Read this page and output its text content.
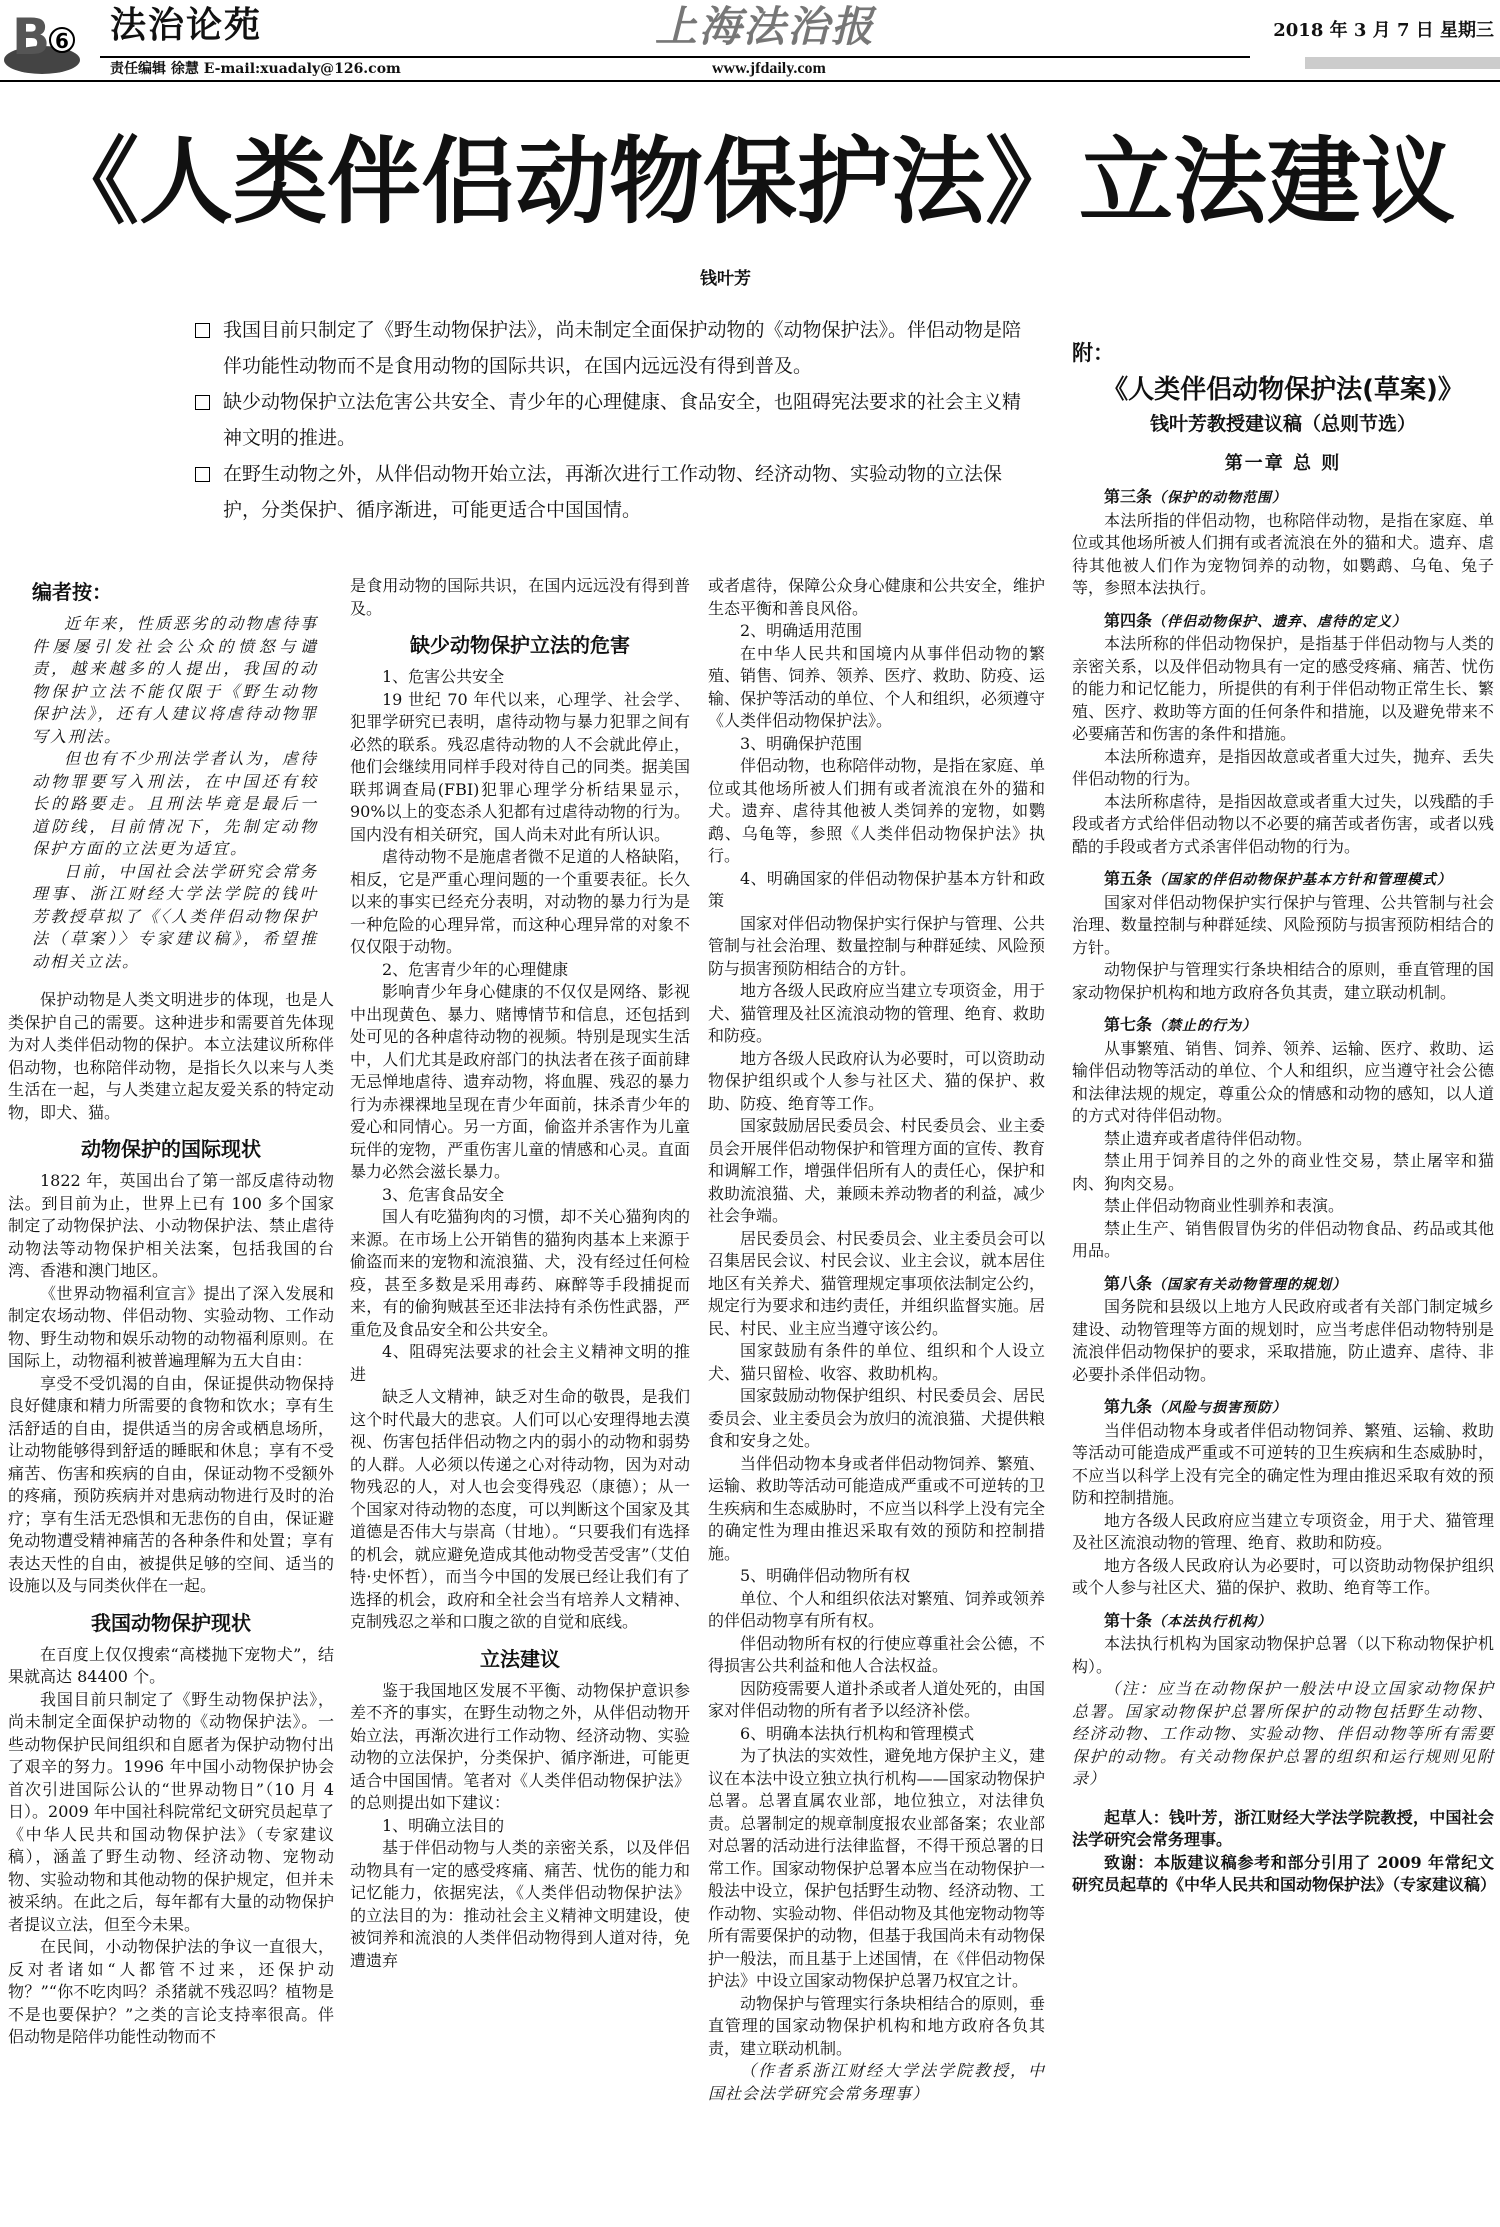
B 6 法治论苑	上海法治报	2018 年 3 月 7 日 星期三
责任编辑 徐慧 E-mail:xuadaly@126.com	www.jfdaily.com
《人类伴侣动物保护法》立法建议
钱叶芳
我国目前只制定了《野生动物保护法》，尚未制定全面保护动物的《动物保护法》。伴侣动物是陪伴功能性动物而不是食用动物的国际共识，在国内远远没有得到普及。
缺少动物保护立法危害公共安全、青少年的心理健康、食品安全，也阻碍宪法要求的社会主义精神文明的推进。
在野生动物之外，从伴侣动物开始立法，再渐次进行工作动物、经济动物、实验动物的立法保护，分类保护、循序渐进，可能更适合中国国情。
编者按：

近年来，性质恶劣的动物虐待事件屡屡引发社会公众的愤怒与谴责，越来越多的人提出，我国的动物保护立法不能仅限于《野生动物保护法》，还有人建议将虐待动物罪写入刑法。

但也有不少刑法学者认为，虐待动物罪要写入刑法，在中国还有较长的路要走。且刑法毕竟是最后一道防线，目前情况下，先制定动物保护方面的立法更为适宜。

日前，中国社会法学研究会常务理事、浙江财经大学法学院的钱叶芳教授草拟了《〈人类伴侣动物保护法（草案）〉专家建议稿》，希望推动相关立法。

保护动物是人类文明进步的体现，也是人类保护自己的需要。这种进步和需要首先体现为对人类伴侣动物的保护。本立法建议所称伴侣动物，也称陪伴动物，是指长久以来与人类生活在一起，与人类建立起友爱关系的特定动物，即犬、猫。

动物保护的国际现状

1822 年，英国出台了第一部反虐待动物法。到目前为止，世界上已有 100 多个国家制定了动物保护法、小动物保护法、禁止虐待动物法等动物保护相关法案，包括我国的台湾、香港和澳门地区。

《世界动物福利宣言》提出了深入发展和制定农场动物、伴侣动物、实验动物、工作动物、野生动物和娱乐动物的动物福利原则。在国际上，动物福利被普遍理解为五大自由：

享受不受饥渴的自由，保证提供动物保持良好健康和精力所需要的食物和饮水；享有生活舒适的自由，提供适当的房舍或栖息场所，让动物能够得到舒适的睡眠和休息；享有不受痛苦、伤害和疾病的自由，保证动物不受额外的疼痛，预防疾病并对患病动物进行及时的治疗；享有生活无恐惧和无悲伤的自由，保证避免动物遭受精神痛苦的各种条件和处置；享有表达天性的自由，被提供足够的空间、适当的设施以及与同类伙伴在一起。

我国动物保护现状

在百度上仅仅搜索“高楼抛下宠物犬”，结果就高达 84400 个。

我国目前只制定了《野生动物保护法》，尚未制定全面保护动物的《动物保护法》。一些动物保护民间组织和自愿者为保护动物付出了艰辛的努力。1996 年中国小动物保护协会首次引进国际公认的“世界动物日”（10 月 4 日）。2009 年中国社科院常纪文研究员起草了《中华人民共和国动物保护法》（专家建议稿），涵盖了野生动物、经济动物、宠物动物、实验动物和其他动物的保护规定，但并未被采纳。在此之后，每年都有大量的动物保护者提议立法，但至今未果。

在民间，小动物保护法的争议一直很大，反对者诸如“人都管不过来，还保护动物？”“你不吃肉吗？杀猪就不残忍吗？植物是不是也要保护？”之类的言论支持率很高。伴侣动物是陪伴功能性动物而不

是食用动物的国际共识，在国内远远没有得到普及。

缺少动物保护立法的危害

1、危害公共安全

19 世纪 70 年代以来，心理学、社会学、犯罪学研究已表明，虐待动物与暴力犯罪之间有必然的联系。残忍虐待动物的人不会就此停止，他们会继续用同样手段对待自己的同类。据美国联邦调查局(FBI)犯罪心理学分析结果显示，90%以上的变态杀人犯都有过虐待动物的行为。国内没有相关研究，国人尚未对此有所认识。

虐待动物不是施虐者微不足道的人格缺陷，相反，它是严重心理问题的一个重要表征。长久以来的事实已经充分表明，对动物的暴力行为是一种危险的心理异常，而这种心理异常的对象不仅仅限于动物。

2、危害青少年的心理健康

影响青少年身心健康的不仅仅是网络、影视中出现黄色、暴力、赌博情节和信息，还包括到处可见的各种虐待动物的视频。特别是现实生活中，人们尤其是政府部门的执法者在孩子面前肆无忌惮地虐待、遗弃动物，将血腥、残忍的暴力行为赤裸裸地呈现在青少年面前，抹杀青少年的爱心和同情心。另一方面，偷盗并杀害作为儿童玩伴的宠物，严重伤害儿童的情感和心灵。直面暴力必然会滋长暴力。

3、危害食品安全

国人有吃猫狗肉的习惯，却不关心猫狗肉的来源。在市场上公开销售的猫狗肉基本上来源于偷盗而来的宠物和流浪猫、犬，没有经过任何检疫，甚至多数是采用毒药、麻醉等手段捕捉而来，有的偷狗贼甚至还非法持有杀伤性武器，严重危及食品安全和公共安全。

4、阻碍宪法要求的社会主义精神文明的推进

缺乏人文精神，缺乏对生命的敬畏，是我们这个时代最大的悲哀。人们可以心安理得地去漠视、伤害包括伴侣动物之内的弱小的动物和弱势的人群。人必须以传递之心对待动物，因为对动物残忍的人，对人也会变得残忍（康德）；从一个国家对待动物的态度，可以判断这个国家及其道德是否伟大与崇高（甘地）。“只要我们有选择的机会，就应避免造成其他动物受苦受害”（艾伯特·史怀哲），而当今中国的发展已经让我们有了选择的机会，政府和全社会当有培养人文精神、克制残忍之举和口腹之欲的自觉和底线。

立法建议

鉴于我国地区发展不平衡、动物保护意识参差不齐的事实，在野生动物之外，从伴侣动物开始立法，再渐次进行工作动物、经济动物、实验动物的立法保护，分类保护、循序渐进，可能更适合中国国情。笔者对《人类伴侣动物保护法》的总则提出如下建议：

1、明确立法目的

基于伴侣动物与人类的亲密关系，以及伴侣动物具有一定的感受疼痛、痛苦、忧伤的能力和记忆能力，依据宪法，《人类伴侣动物保护法》的立法目的为：推动社会主义精神文明建设，使被饲养和流浪的人类伴侣动物得到人道对待，免遭遗弃

或者虐待，保障公众身心健康和公共安全，维护生态平衡和善良风俗。

2、明确适用范围

在中华人民共和国境内从事伴侣动物的繁殖、销售、饲养、领养、医疗、救助、防疫、运输、保护等活动的单位、个人和组织，必须遵守《人类伴侣动物保护法》。

3、明确保护范围

伴侣动物，也称陪伴动物，是指在家庭、单位或其他场所被人们拥有或者流浪在外的猫和犬。遗弃、虐待其他被人类饲养的宠物，如鹦鹉、乌龟等，参照《人类伴侣动物保护法》执行。

4、明确国家的伴侣动物保护基本方针和政策

国家对伴侣动物保护实行保护与管理、公共管制与社会治理、数量控制与种群延续、风险预防与损害预防相结合的方针。

地方各级人民政府应当建立专项资金，用于犬、猫管理及社区流浪动物的管理、绝育、救助和防疫。

地方各级人民政府认为必要时，可以资助动物保护组织或个人参与社区犬、猫的保护、救助、防疫、绝育等工作。

国家鼓励居民委员会、村民委员会、业主委员会开展伴侣动物保护和管理方面的宣传、教育和调解工作，增强伴侣所有人的责任心，保护和救助流浪猫、犬，兼顾未养动物者的利益，减少社会争端。

居民委员会、村民委员会、业主委员会可以召集居民会议、村民会议、业主会议，就本居住地区有关养犬、猫管理规定事项依法制定公约，规定行为要求和违约责任，并组织监督实施。居民、村民、业主应当遵守该公约。

国家鼓励有条件的单位、组织和个人设立犬、猫只留检、收容、救助机构。

国家鼓励动物保护组织、村民委员会、居民委员会、业主委员会为放归的流浪猫、犬提供粮食和安身之处。

当伴侣动物本身或者伴侣动物饲养、繁殖、运输、救助等活动可能造成严重或不可逆转的卫生疾病和生态威胁时，不应当以科学上没有完全的确定性为理由推迟采取有效的预防和控制措施。

5、明确伴侣动物所有权

单位、个人和组织依法对繁殖、饲养或领养的伴侣动物享有所有权。

伴侣动物所有权的行使应尊重社会公德，不得损害公共利益和他人合法权益。

因防疫需要人道扑杀或者人道处死的，由国家对伴侣动物的所有者予以经济补偿。

6、明确本法执行机构和管理模式

为了执法的实效性，避免地方保护主义，建议在本法中设立独立执行机构——国家动物保护总署。总署直属农业部，地位独立，对法律负责。总署制定的规章制度报农业部备案；农业部对总署的活动进行法律监督，不得干预总署的日常工作。国家动物保护总署本应当在动物保护一般法中设立，保护包括野生动物、经济动物、工作动物、实验动物、伴侣动物及其他宠物动物等所有需要保护的动物，但基于我国尚未有动物保护一般法，而且基于上述国情，在《伴侣动物保护法》中设立国家动物保护总署乃权宜之计。

动物保护与管理实行条块相结合的原则，垂直管理的国家动物保护机构和地方政府各负其责，建立联动机制。

（作者系浙江财经大学法学院教授，中国社会法学研究会常务理事）

附：
《人类伴侣动物保护法(草案)》
钱叶芳教授建议稿（总则节选）
第一章 总 则

第三条（保护的动物范围）

本法所指的伴侣动物，也称陪伴动物，是指在家庭、单位或其他场所被人们拥有或者流浪在外的猫和犬。遗弃、虐待其他被人们作为宠物饲养的动物，如鹦鹉、乌龟、兔子等，参照本法执行。

第四条（伴侣动物保护、遗弃、虐待的定义）

本法所称的伴侣动物保护，是指基于伴侣动物与人类的亲密关系，以及伴侣动物具有一定的感受疼痛、痛苦、忧伤的能力和记忆能力，所提供的有利于伴侣动物正常生长、繁殖、医疗、救助等方面的任何条件和措施，以及避免带来不必要痛苦和伤害的条件和措施。

本法所称遗弃，是指因故意或者重大过失，抛弃、丢失伴侣动物的行为。

本法所称虐待，是指因故意或者重大过失，以残酷的手段或者方式给伴侣动物以不必要的痛苦或者伤害，或者以残酷的手段或者方式杀害伴侣动物的行为。

第五条（国家的伴侣动物保护基本方针和管理模式）

国家对伴侣动物保护实行保护与管理、公共管制与社会治理、数量控制与种群延续、风险预防与损害预防相结合的方针。

动物保护与管理实行条块相结合的原则，垂直管理的国家动物保护机构和地方政府各负其责，建立联动机制。

第七条（禁止的行为）

从事繁殖、销售、饲养、领养、运输、医疗、救助、运输伴侣动物等活动的单位、个人和组织，应当遵守社会公德和法律法规的规定，尊重公众的情感和动物的感知，以人道的方式对待伴侣动物。

禁止遗弃或者虐待伴侣动物。

禁止用于饲养目的之外的商业性交易，禁止屠宰和猫肉、狗肉交易。

禁止伴侣动物商业性驯养和表演。

禁止生产、销售假冒伪劣的伴侣动物食品、药品或其他用品。

第八条（国家有关动物管理的规划）

国务院和县级以上地方人民政府或者有关部门制定城乡建设、动物管理等方面的规划时，应当考虑伴侣动物特别是流浪伴侣动物保护的要求，采取措施，防止遗弃、虐待、非必要扑杀伴侣动物。

第九条（风险与损害预防）

当伴侣动物本身或者伴侣动物饲养、繁殖、运输、救助等活动可能造成严重或不可逆转的卫生疾病和生态威胁时，不应当以科学上没有完全的确定性为理由推迟采取有效的预防和控制措施。

地方各级人民政府应当建立专项资金，用于犬、猫管理及社区流浪动物的管理、绝育、救助和防疫。

地方各级人民政府认为必要时，可以资助动物保护组织或个人参与社区犬、猫的保护、救助、绝育等工作。

第十条（本法执行机构）

本法执行机构为国家动物保护总署（以下称动物保护机构）。

（注：应当在动物保护一般法中设立国家动物保护总署。国家动物保护总署所保护的动物包括野生动物、经济动物、工作动物、实验动物、伴侣动物等所有需要保护的动物。有关动物保护总署的组织和运行规则见附录）

起草人：钱叶芳，浙江财经大学法学院教授，中国社会法学研究会常务理事。

致谢：本版建议稿参考和部分引用了 2009 年常纪文研究员起草的《中华人民共和国动物保护法》（专家建议稿）
